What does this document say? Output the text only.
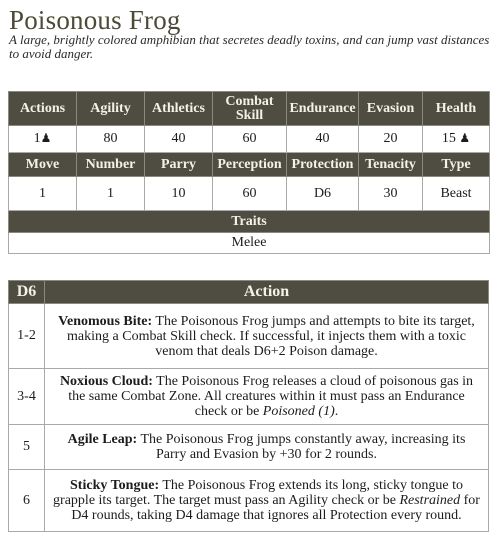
Poisonous Frog
A large, brightly colored amphibian that secretes deadly toxins, and can jump vast distances to avoid danger.
Actions	Agility	Athletics	Combat Skill	Endurance	Evasion	Health
1♟	80	40	60	40	20	15 ♟
Move	Number	Parry	Perception	Protection	Tenacity	Type
1	1	10	60	D6	30	Beast
Traits						
Melee						
D6	Action
1-2	Venomous Bite: The Poisonous Frog jumps and attempts to bite its target, making a Combat Skill check. If successful, it injects them with a toxic venom that deals D6+2 Poison damage.
3-4	Noxious Cloud: The Poisonous Frog releases a cloud of poisonous gas in the same Combat Zone. All creatures within it must pass an Endurance check or be Poisoned (1).
5	Agile Leap: The Poisonous Frog jumps constantly away, increasing its Parry and Evasion by +30 for 2 rounds.
6	Sticky Tongue: The Poisonous Frog extends its long, sticky tongue to grapple its target. The target must pass an Agility check or be Restrained for D4 rounds, taking D4 damage that ignores all Protection every round.
